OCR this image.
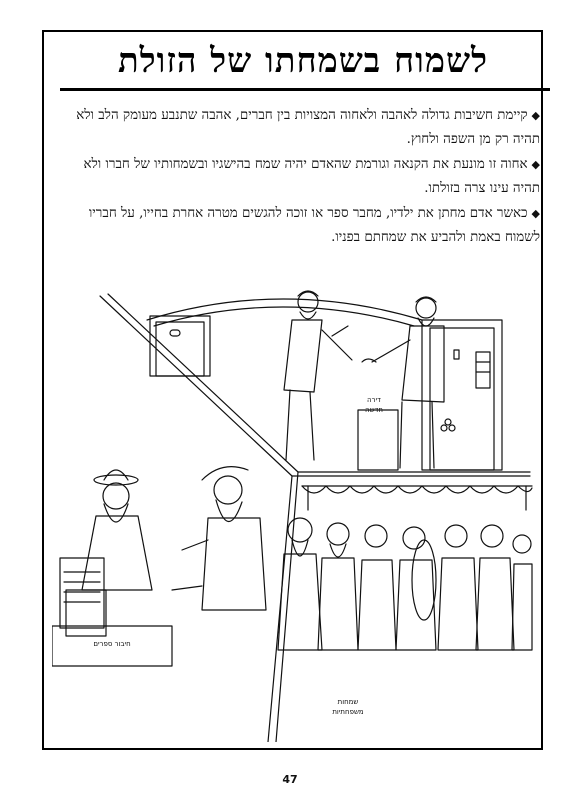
לשמוח בשמחתו של הזולת

◆קיימת חשיבות גדולה לאהבה ולאחוה המצויות בין חברים, אהבה שתנבע מעומק הלב ולא תהיה רק מן השפה ולחוץ.

◆אחוה זו מונעת את הקנאה וגורמת שהאדם יהיה שמח בהישגיו ובשמחותיו של חברו ולא תהיה עינו צרה בזולתו.

◆כאשר אדם מחתן את ילדיו, מחבר ספר או זוכה להגשים מטרה אחרת בחייו, על חבריו לשמוח באמת ולהביע את שמחתם בפניו.

דירה
חדשה
חיבור ספרים
שמחות
משפחתיות
47
